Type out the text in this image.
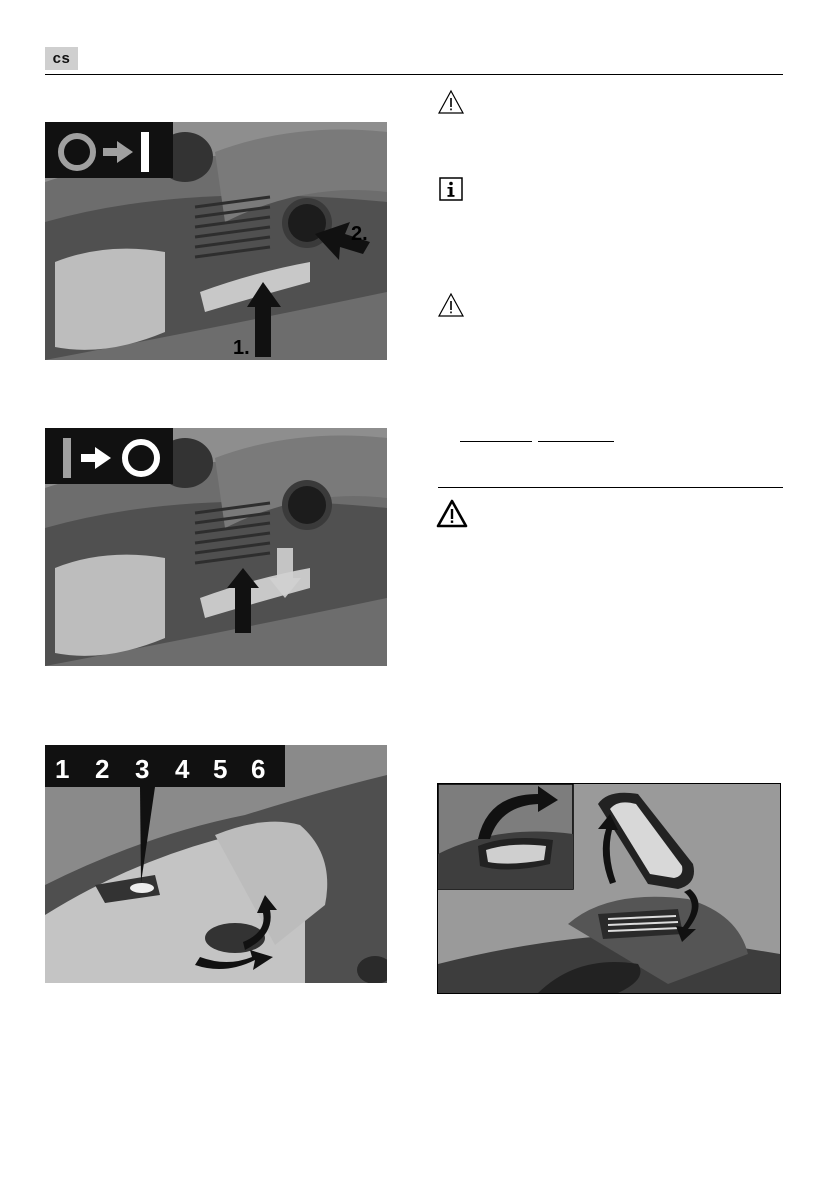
cs
2.
1.
1 2 3 4 5 6
